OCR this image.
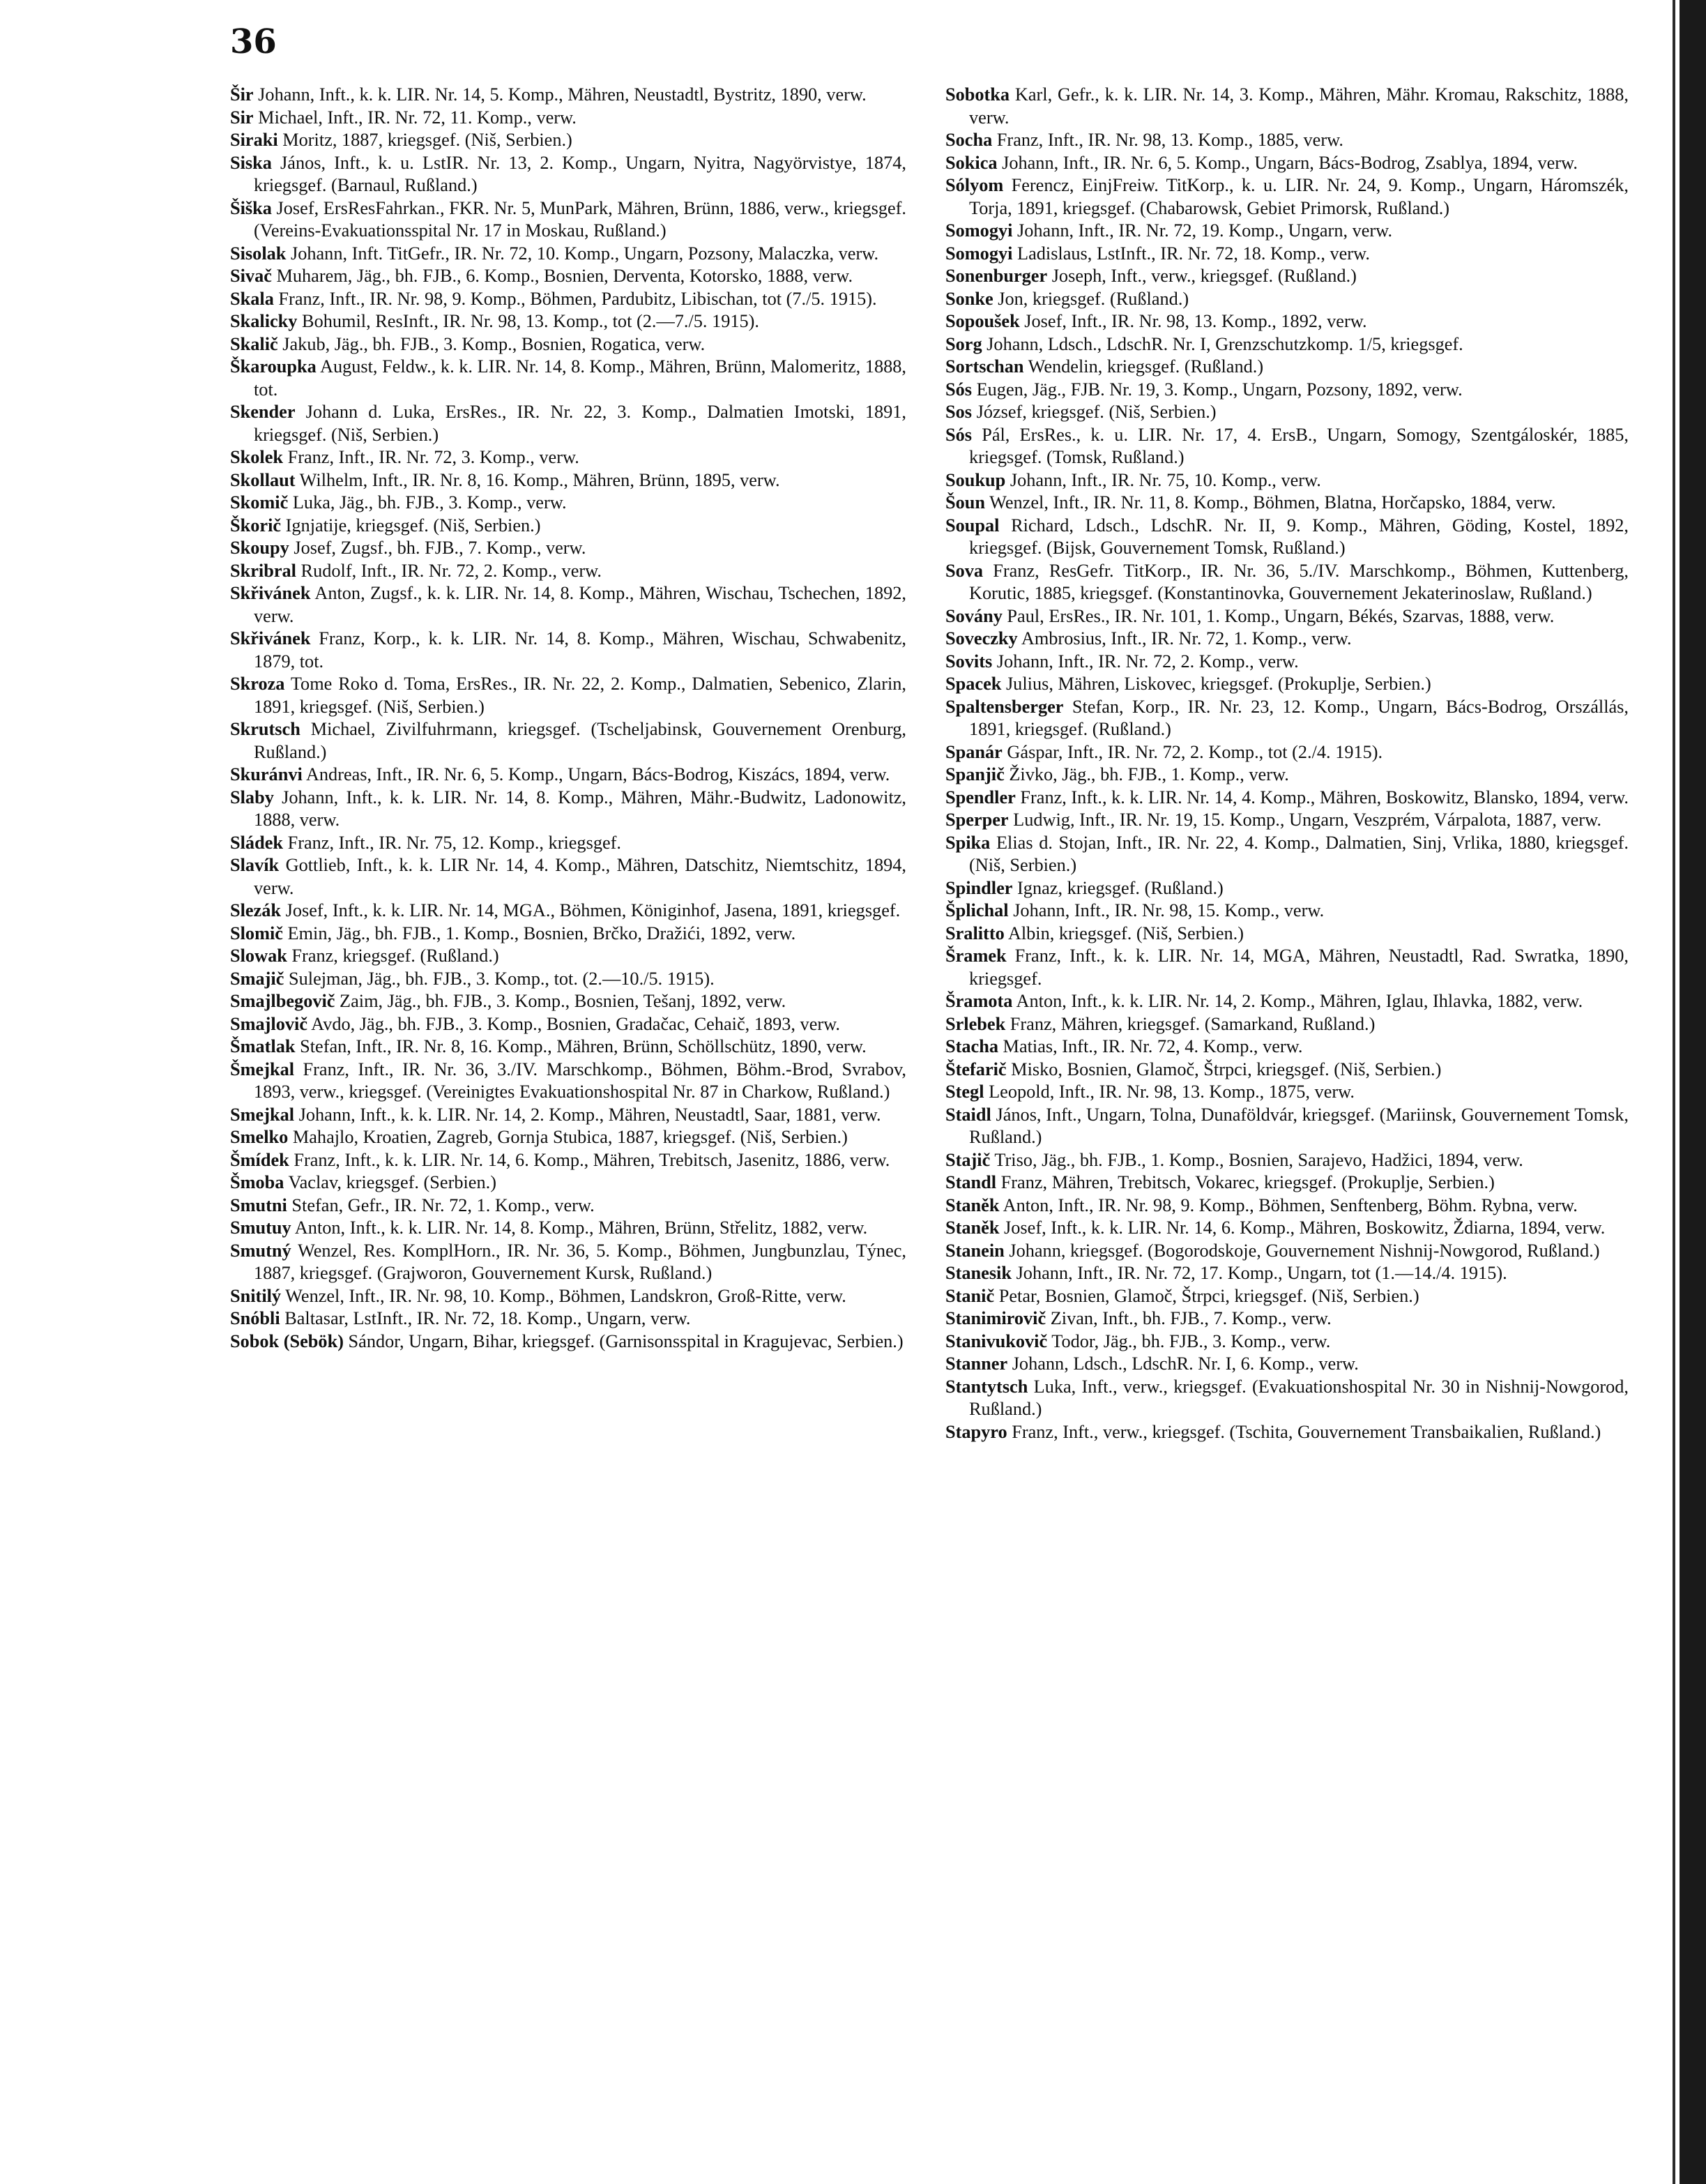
36

Šir Johann, Inft., k. k. LIR. Nr. 14, 5. Komp., Mähren, Neustadtl, Bystritz, 1890, verw.

Sir Michael, Inft., IR. Nr. 72, 11. Komp., verw.

Siraki Moritz, 1887, kriegsgef. (Niš, Serbien.)

Siska János, Inft., k. u. LstIR. Nr. 13, 2. Komp., Ungarn, Nyitra, Nagyörvistye, 1874, kriegsgef. (Barnaul, Rußland.)

Šiška Josef, ErsResFahrkan., FKR. Nr. 5, MunPark, Mähren, Brünn, 1886, verw., kriegsgef. (Vereins-Evakuationsspital Nr. 17 in Moskau, Rußland.)

Sisolak Johann, Inft. TitGefr., IR. Nr. 72, 10. Komp., Ungarn, Pozsony, Malaczka, verw.

Sivač Muharem, Jäg., bh. FJB., 6. Komp., Bosnien, Derventa, Kotorsko, 1888, verw.

Skala Franz, Inft., IR. Nr. 98, 9. Komp., Böhmen, Pardubitz, Libischan, tot (7./5. 1915).

Skalicky Bohumil, ResInft., IR. Nr. 98, 13. Komp., tot (2.—7./5. 1915).

Skalič Jakub, Jäg., bh. FJB., 3. Komp., Bosnien, Rogatica, verw.

Škaroupka August, Feldw., k. k. LIR. Nr. 14, 8. Komp., Mähren, Brünn, Malomeritz, 1888, tot.

Skender Johann d. Luka, ErsRes., IR. Nr. 22, 3. Komp., Dalmatien Imotski, 1891, kriegsgef. (Niš, Serbien.)

Skolek Franz, Inft., IR. Nr. 72, 3. Komp., verw.

Skollaut Wilhelm, Inft., IR. Nr. 8, 16. Komp., Mähren, Brünn, 1895, verw.

Skomič Luka, Jäg., bh. FJB., 3. Komp., verw.

Škorič Ignjatije, kriegsgef. (Niš, Serbien.)

Skoupy Josef, Zugsf., bh. FJB., 7. Komp., verw.

Skribral Rudolf, Inft., IR. Nr. 72, 2. Komp., verw.

Skřivánek Anton, Zugsf., k. k. LIR. Nr. 14, 8. Komp., Mähren, Wischau, Tschechen, 1892, verw.

Skřivánek Franz, Korp., k. k. LIR. Nr. 14, 8. Komp., Mähren, Wischau, Schwabenitz, 1879, tot.

Skroza Tome Roko d. Toma, ErsRes., IR. Nr. 22, 2. Komp., Dalmatien, Sebenico, Zlarin, 1891, kriegsgef. (Niš, Serbien.)

Skrutsch Michael, Zivilfuhrmann, kriegsgef. (Tscheljabinsk, Gouvernement Orenburg, Rußland.)

Skuránvi Andreas, Inft., IR. Nr. 6, 5. Komp., Ungarn, Bács-Bodrog, Kiszács, 1894, verw.

Slaby Johann, Inft., k. k. LIR. Nr. 14, 8. Komp., Mähren, Mähr.-Budwitz, Ladonowitz, 1888, verw.

Sládek Franz, Inft., IR. Nr. 75, 12. Komp., kriegsgef.

Slavík Gottlieb, Inft., k. k. LIR Nr. 14, 4. Komp., Mähren, Datschitz, Niemtschitz, 1894, verw.

Slezák Josef, Inft., k. k. LIR. Nr. 14, MGA., Böhmen, Königinhof, Jasena, 1891, kriegsgef.

Slomič Emin, Jäg., bh. FJB., 1. Komp., Bosnien, Brčko, Dražići, 1892, verw.

Slowak Franz, kriegsgef. (Rußland.)

Smajič Sulejman, Jäg., bh. FJB., 3. Komp., tot. (2.—10./5. 1915).

Smajlbegovič Zaim, Jäg., bh. FJB., 3. Komp., Bosnien, Tešanj, 1892, verw.

Smajlovič Avdo, Jäg., bh. FJB., 3. Komp., Bosnien, Gradačac, Cehaič, 1893, verw.

Šmatlak Stefan, Inft., IR. Nr. 8, 16. Komp., Mähren, Brünn, Schöllschütz, 1890, verw.

Šmejkal Franz, Inft., IR. Nr. 36, 3./IV. Marschkomp., Böhmen, Böhm.-Brod, Svrabov, 1893, verw., kriegsgef. (Vereinigtes Evakuationshospital Nr. 87 in Charkow, Rußland.)

Smejkal Johann, Inft., k. k. LIR. Nr. 14, 2. Komp., Mähren, Neustadtl, Saar, 1881, verw.

Smelko Mahajlo, Kroatien, Zagreb, Gornja Stubica, 1887, kriegsgef. (Niš, Serbien.)

Šmídek Franz, Inft., k. k. LIR. Nr. 14, 6. Komp., Mähren, Trebitsch, Jasenitz, 1886, verw.

Šmoba Vaclav, kriegsgef. (Serbien.)

Smutni Stefan, Gefr., IR. Nr. 72, 1. Komp., verw.

Smutuy Anton, Inft., k. k. LIR. Nr. 14, 8. Komp., Mähren, Brünn, Střelitz, 1882, verw.

Smutný Wenzel, Res. KomplHorn., IR. Nr. 36, 5. Komp., Böhmen, Jungbunzlau, Týnec, 1887, kriegsgef. (Grajworon, Gouvernement Kursk, Rußland.)

Snitilý Wenzel, Inft., IR. Nr. 98, 10. Komp., Böhmen, Landskron, Groß-Ritte, verw.

Snóbli Baltasar, LstInft., IR. Nr. 72, 18. Komp., Ungarn, verw.

Sobok (Sebök) Sándor, Ungarn, Bihar, kriegsgef. (Garnisonsspital in Kragujevac, Serbien.)

Sobotka Karl, Gefr., k. k. LIR. Nr. 14, 3. Komp., Mähren, Mähr. Kromau, Rakschitz, 1888, verw.

Socha Franz, Inft., IR. Nr. 98, 13. Komp., 1885, verw.

Sokica Johann, Inft., IR. Nr. 6, 5. Komp., Ungarn, Bács-Bodrog, Zsablya, 1894, verw.

Sólyom Ferencz, EinjFreiw. TitKorp., k. u. LIR. Nr. 24, 9. Komp., Ungarn, Háromszék, Torja, 1891, kriegsgef. (Chabarowsk, Gebiet Primorsk, Rußland.)

Somogyi Johann, Inft., IR. Nr. 72, 19. Komp., Ungarn, verw.

Somogyi Ladislaus, LstInft., IR. Nr. 72, 18. Komp., verw.

Sonenburger Joseph, Inft., verw., kriegsgef. (Rußland.)

Sonke Jon, kriegsgef. (Rußland.)

Sopoušek Josef, Inft., IR. Nr. 98, 13. Komp., 1892, verw.

Sorg Johann, Ldsch., LdschR. Nr. I, Grenzschutzkomp. 1/5, kriegsgef.

Sortschan Wendelin, kriegsgef. (Rußland.)

Sós Eugen, Jäg., FJB. Nr. 19, 3. Komp., Ungarn, Pozsony, 1892, verw.

Sos József, kriegsgef. (Niš, Serbien.)

Sós Pál, ErsRes., k. u. LIR. Nr. 17, 4. ErsB., Ungarn, Somogy, Szentgáloskér, 1885, kriegsgef. (Tomsk, Rußland.)

Soukup Johann, Inft., IR. Nr. 75, 10. Komp., verw.

Šoun Wenzel, Inft., IR. Nr. 11, 8. Komp., Böhmen, Blatna, Horčapsko, 1884, verw.

Soupal Richard, Ldsch., LdschR. Nr. II, 9. Komp., Mähren, Göding, Kostel, 1892, kriegsgef. (Bijsk, Gouvernement Tomsk, Rußland.)

Sova Franz, ResGefr. TitKorp., IR. Nr. 36, 5./IV. Marschkomp., Böhmen, Kuttenberg, Korutic, 1885, kriegsgef. (Konstantinovka, Gouvernement Jekaterinoslaw, Rußland.)

Sovány Paul, ErsRes., IR. Nr. 101, 1. Komp., Ungarn, Békés, Szarvas, 1888, verw.

Soveczky Ambrosius, Inft., IR. Nr. 72, 1. Komp., verw.

Sovits Johann, Inft., IR. Nr. 72, 2. Komp., verw.

Spacek Julius, Mähren, Liskovec, kriegsgef. (Prokuplje, Serbien.)

Spaltensberger Stefan, Korp., IR. Nr. 23, 12. Komp., Ungarn, Bács-Bodrog, Orszállás, 1891, kriegsgef. (Rußland.)

Spanár Gáspar, Inft., IR. Nr. 72, 2. Komp., tot (2./4. 1915).

Spanjič Živko, Jäg., bh. FJB., 1. Komp., verw.

Spendler Franz, Inft., k. k. LIR. Nr. 14, 4. Komp., Mähren, Boskowitz, Blansko, 1894, verw.

Sperper Ludwig, Inft., IR. Nr. 19, 15. Komp., Ungarn, Veszprém, Várpalota, 1887, verw.

Spika Elias d. Stojan, Inft., IR. Nr. 22, 4. Komp., Dalmatien, Sinj, Vrlika, 1880, kriegsgef. (Niš, Serbien.)

Spindler Ignaz, kriegsgef. (Rußland.)

Šplichal Johann, Inft., IR. Nr. 98, 15. Komp., verw.

Sralitto Albin, kriegsgef. (Niš, Serbien.)

Šramek Franz, Inft., k. k. LIR. Nr. 14, MGA, Mähren, Neustadtl, Rad. Swratka, 1890, kriegsgef.

Šramota Anton, Inft., k. k. LIR. Nr. 14, 2. Komp., Mähren, Iglau, Ihlavka, 1882, verw.

Srlebek Franz, Mähren, kriegsgef. (Samarkand, Rußland.)

Stacha Matias, Inft., IR. Nr. 72, 4. Komp., verw.

Štefarič Misko, Bosnien, Glamoč, Štrpci, kriegsgef. (Niš, Serbien.)

Stegl Leopold, Inft., IR. Nr. 98, 13. Komp., 1875, verw.

Staidl János, Inft., Ungarn, Tolna, Dunaföldvár, kriegsgef. (Mariinsk, Gouvernement Tomsk, Rußland.)

Stajič Triso, Jäg., bh. FJB., 1. Komp., Bosnien, Sarajevo, Hadžici, 1894, verw.

Standl Franz, Mähren, Trebitsch, Vokarec, kriegsgef. (Prokuplje, Serbien.)

Staněk Anton, Inft., IR. Nr. 98, 9. Komp., Böhmen, Senftenberg, Böhm. Rybna, verw.

Staněk Josef, Inft., k. k. LIR. Nr. 14, 6. Komp., Mähren, Boskowitz, Ždiarna, 1894, verw.

Stanein Johann, kriegsgef. (Bogorodskoje, Gouvernement Nishnij-Nowgorod, Rußland.)

Stanesik Johann, Inft., IR. Nr. 72, 17. Komp., Ungarn, tot (1.—14./4. 1915).

Stanič Petar, Bosnien, Glamoč, Štrpci, kriegsgef. (Niš, Serbien.)

Stanimirovič Zivan, Inft., bh. FJB., 7. Komp., verw.

Stanivukovič Todor, Jäg., bh. FJB., 3. Komp., verw.

Stanner Johann, Ldsch., LdschR. Nr. I, 6. Komp., verw.

Stantytsch Luka, Inft., verw., kriegsgef. (Evakuationshospital Nr. 30 in Nishnij-Nowgorod, Rußland.)

Stapyro Franz, Inft., verw., kriegsgef. (Tschita, Gouvernement Transbaikalien, Rußland.)
